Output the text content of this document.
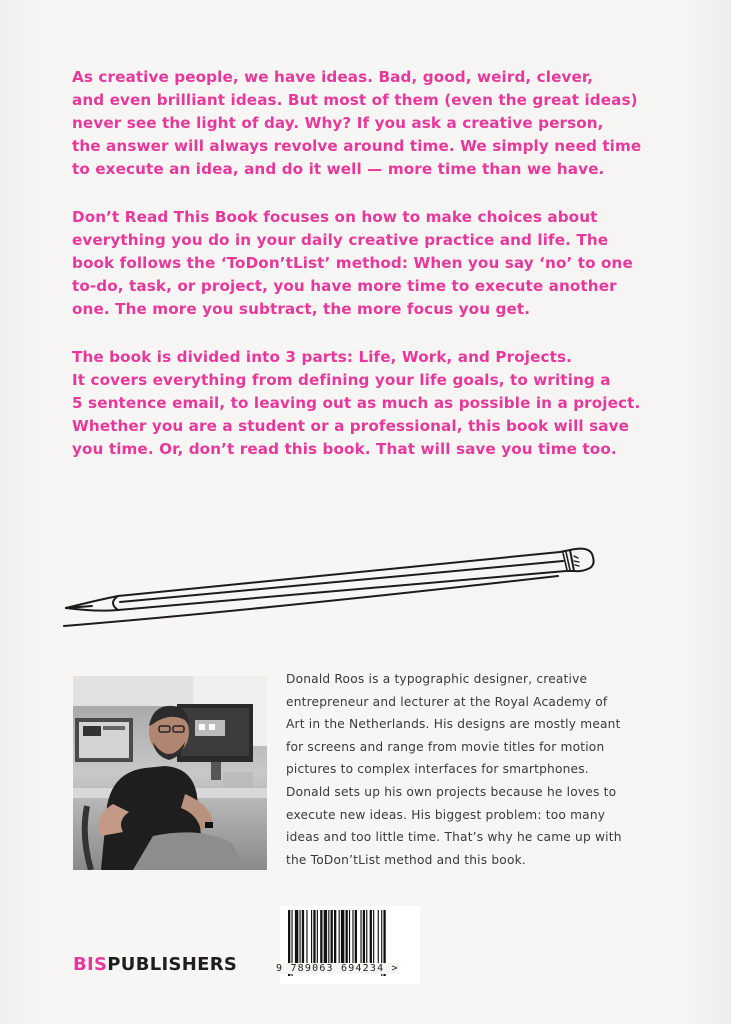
As creative people, we have ideas. Bad, good, weird, clever,
and even brilliant ideas. But most of them (even the great ideas)
never see the light of day. Why? If you ask a creative person,
the answer will always revolve around time. We simply need time
to execute an idea, and do it well — more time than we have.

Don’t Read This Book focuses on how to make choices about
everything you do in your daily creative practice and life. The
book follows the ‘ToDon’tList’ method: When you say ‘no’ to one
to-do, task, or project, you have more time to execute another
one. The more you subtract, the more focus you get.

The book is divided into 3 parts: Life, Work, and Projects.
It covers everything from defining your life goals, to writing a
5 sentence email, to leaving out as much as possible in a project.
Whether you are a student or a professional, this book will save
you time. Or, don’t read this book. That will save you time too.

Donald Roos is a typographic designer, creative
entrepreneur and lecturer at the Royal Academy of
Art in the Netherlands. His designs are mostly meant
for screens and range from movie titles for motion
pictures to complex interfaces for smartphones.
Donald sets up his own projects because he loves to
execute new ideas. His biggest problem: too many
ideas and too little time. That’s why he came up with
the ToDon’tList method and this book.
BISPUBLISHERS	9 789063 694234 >
